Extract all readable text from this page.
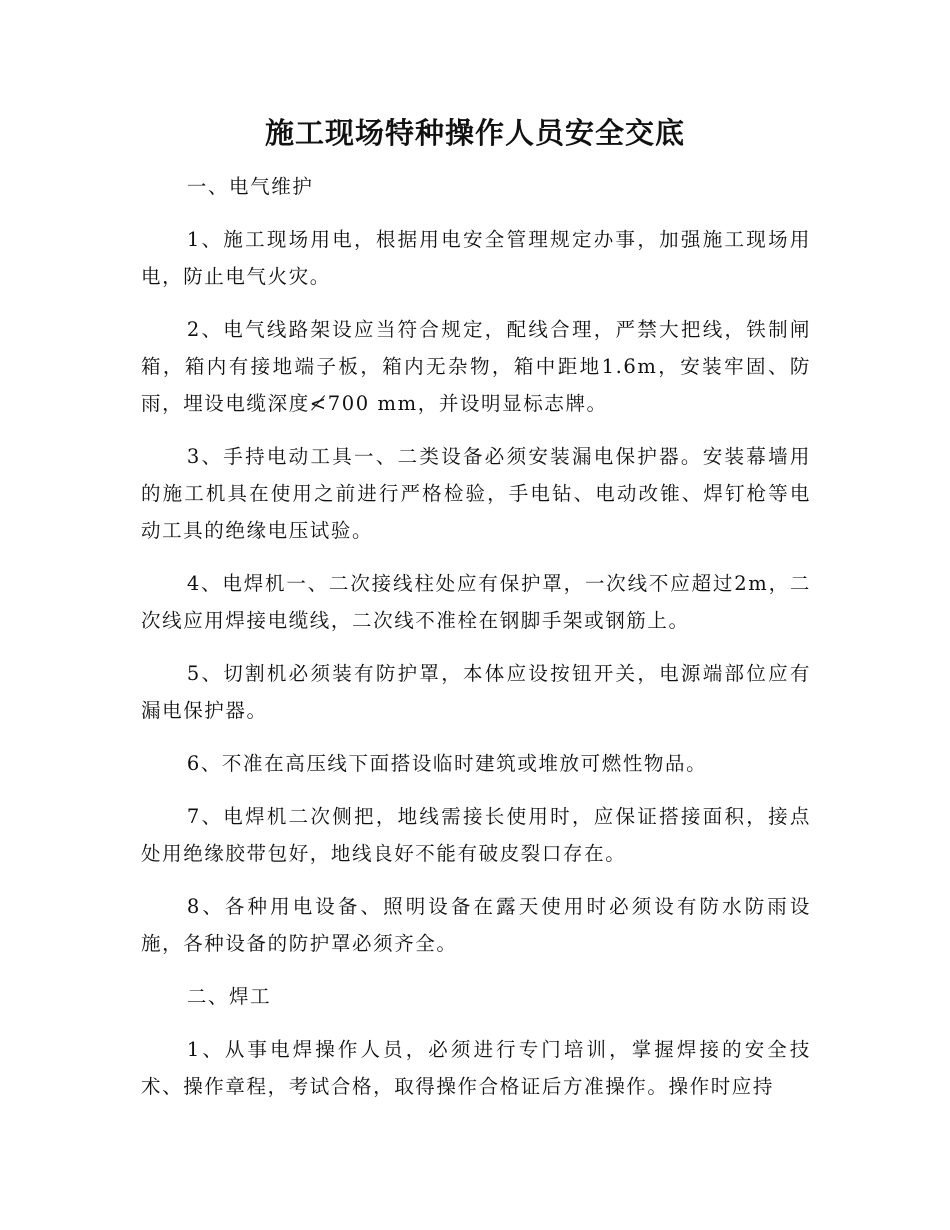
施工现场特种操作人员安全交底

一、电气维护

1、施工现场用电，根据用电安全管理规定办事，加强施工现场用电，防止电气火灾。

2、电气线路架设应当符合规定，配线合理，严禁大把线，铁制闸箱，箱内有接地端子板，箱内无杂物，箱中距地1.6m，安装牢固、防雨，埋设电缆深度≮700 mm，并设明显标志牌。

3、手持电动工具一、二类设备必须安装漏电保护器。安装幕墙用的施工机具在使用之前进行严格检验，手电钻、电动改锥、焊钉枪等电动工具的绝缘电压试验。

4、电焊机一、二次接线柱处应有保护罩，一次线不应超过2m，二次线应用焊接电缆线，二次线不准栓在钢脚手架或钢筋上。

5、切割机必须装有防护罩，本体应设按钮开关，电源端部位应有漏电保护器。

6、不准在高压线下面搭设临时建筑或堆放可燃性物品。

7、电焊机二次侧把，地线需接长使用时，应保证搭接面积，接点处用绝缘胶带包好，地线良好不能有破皮裂口存在。

8、各种用电设备、照明设备在露天使用时必须设有防水防雨设施，各种设备的防护罩必须齐全。

二、焊工

1、从事电焊操作人员，必须进行专门培训，掌握焊接的安全技术、操作章程，考试合格，取得操作合格证后方准操作。操作时应持
